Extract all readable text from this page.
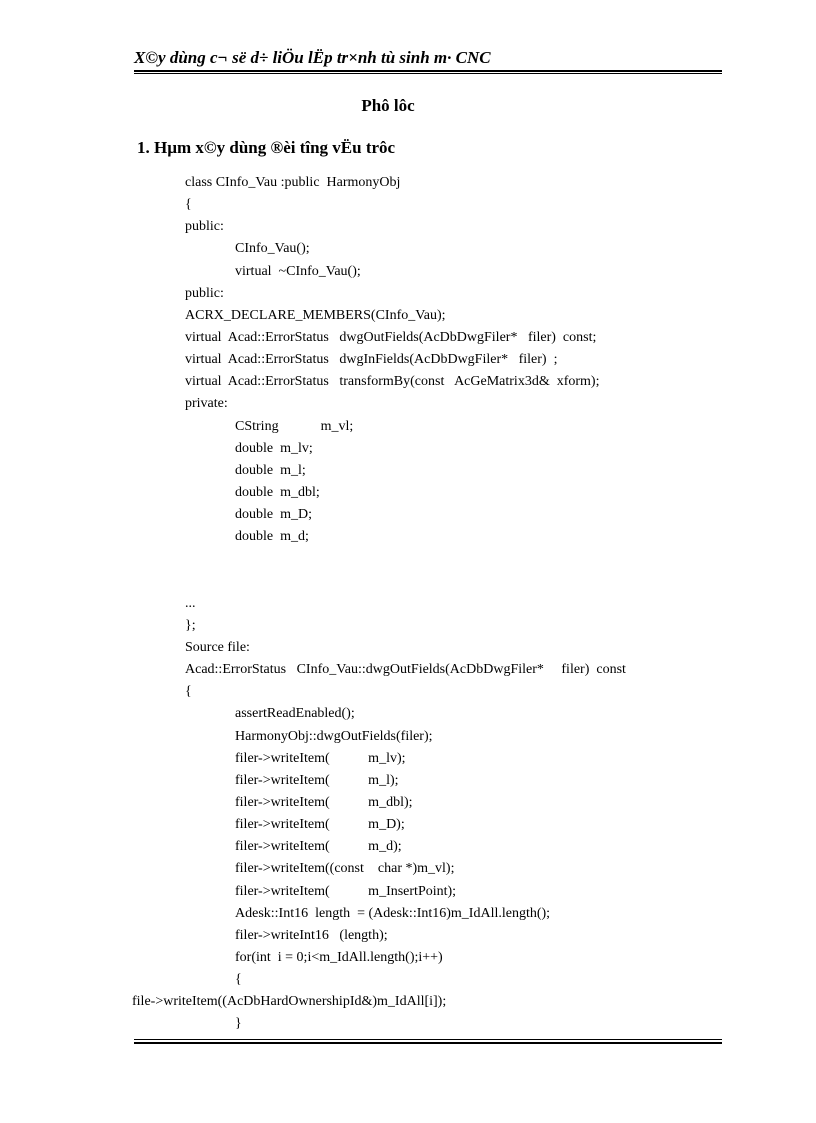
X©y dùng c¬ së d÷ liÖu lËp tr×nh tù sinh m· CNC
Phô lôc
1. Hµm x©y dùng ®èi tîng vËu trôc
class CInfo_Vau :public  HarmonyObj
{
public:
CInfo_Vau();
virtual  ~CInfo_Vau();
public:
ACRX_DECLARE_MEMBERS(CInfo_Vau);
virtual  Acad::ErrorStatus   dwgOutFields(AcDbDwgFiler*   filer)  const;
virtual  Acad::ErrorStatus   dwgInFields(AcDbDwgFiler*   filer)  ;
virtual  Acad::ErrorStatus   transformBy(const   AcGeMatrix3d&  xform);
private:
CString            m_vl;
double  m_lv;
double  m_l;
double  m_dbl;
double  m_D;
double  m_d;
...
};
Source file:
Acad::ErrorStatus   CInfo_Vau::dwgOutFields(AcDbDwgFiler*     filer)  const
{
assertReadEnabled();
HarmonyObj::dwgOutFields(filer);
filer->writeItem(           m_lv);
filer->writeItem(           m_l);
filer->writeItem(           m_dbl);
filer->writeItem(           m_D);
filer->writeItem(           m_d);
filer->writeItem((const    char *)m_vl);
filer->writeItem(           m_InsertPoint);
Adesk::Int16  length  = (Adesk::Int16)m_IdAll.length();
filer->writeInt16   (length);
for(int  i = 0;i<m_IdAll.length();i++)
{
file->writeItem((AcDbHardOwnershipId&)m_IdAll[i]);
}
